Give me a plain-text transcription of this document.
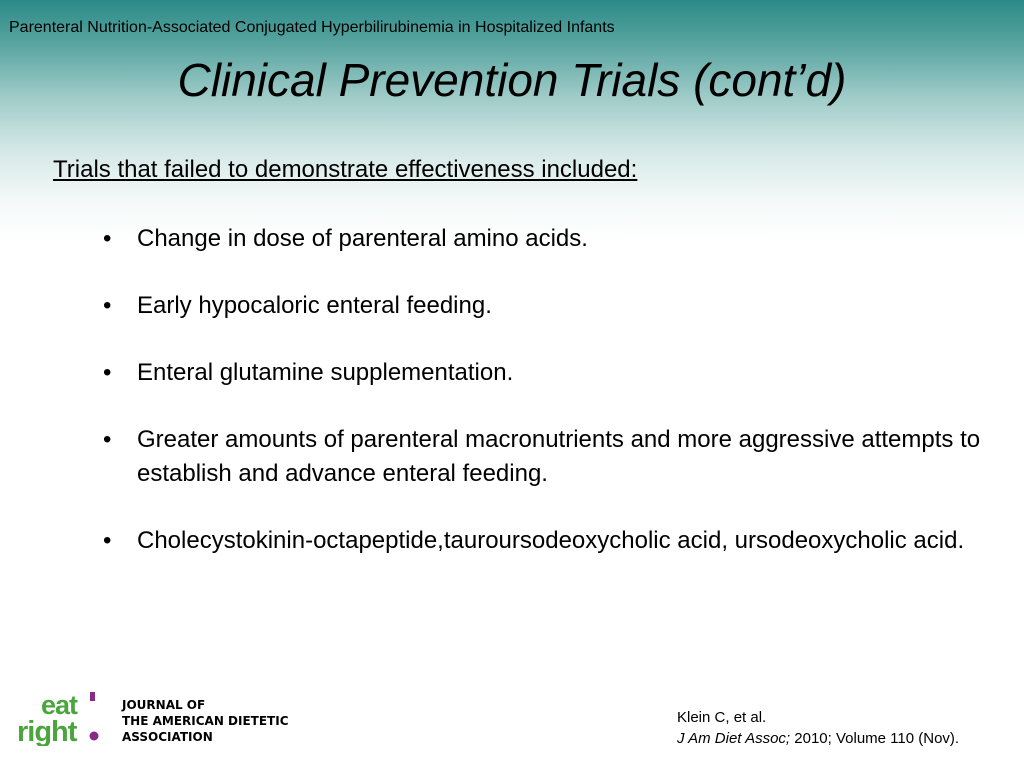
Parenteral Nutrition-Associated Conjugated Hyperbilirubinemia in Hospitalized Infants
Clinical Prevention Trials (cont’d)
Trials that failed to demonstrate effectiveness included:
• Change in dose of parenteral amino acids.
• Early hypocaloric enteral feeding.
• Enteral glutamine supplementation.
• Greater amounts of parenteral macronutrients and more aggressive attempts to establish and advance enteral feeding.
• Cholecystokinin-octapeptide,tauroursodeoxycholic acid, ursodeoxycholic acid.
eat
right
JOURNAL OF
THE AMERICAN DIETETIC
ASSOCIATION
Klein C, et al.
J Am Diet Assoc; 2010; Volume 110 (Nov).
